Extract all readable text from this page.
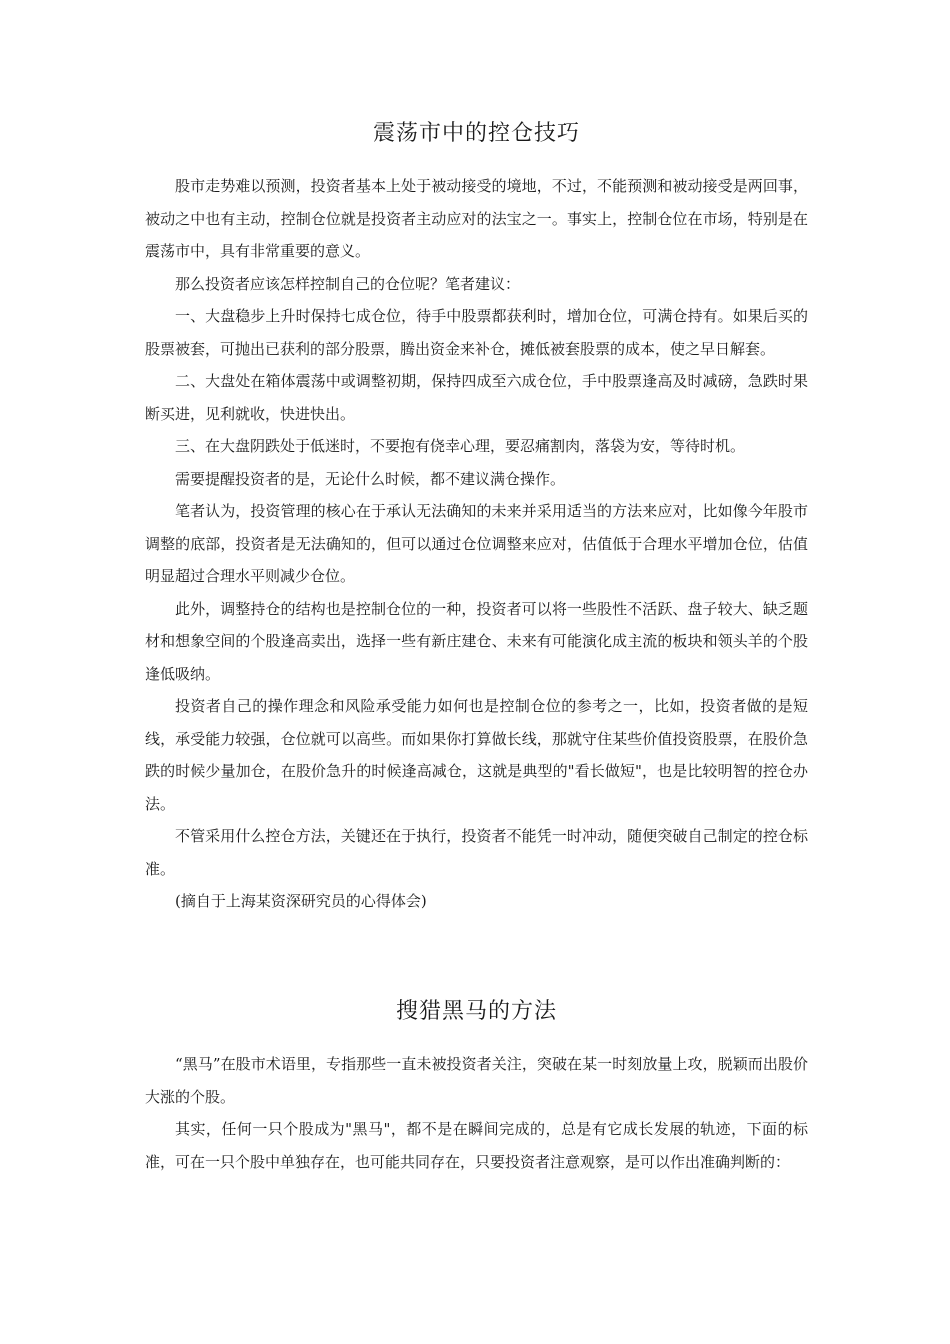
震荡市中的控仓技巧

股市走势难以预测，投资者基本上处于被动接受的境地，不过，不能预测和被动接受是两回事，被动之中也有主动，控制仓位就是投资者主动应对的法宝之一。事实上，控制仓位在市场，特别是在震荡市中，具有非常重要的意义。

那么投资者应该怎样控制自己的仓位呢？笔者建议：

一、大盘稳步上升时保持七成仓位，待手中股票都获利时，增加仓位，可满仓持有。如果后买的股票被套，可抛出已获利的部分股票，腾出资金来补仓，摊低被套股票的成本，使之早日解套。

二、大盘处在箱体震荡中或调整初期，保持四成至六成仓位，手中股票逢高及时减磅，急跌时果断买进，见利就收，快进快出。

三、在大盘阴跌处于低迷时，不要抱有侥幸心理，要忍痛割肉，落袋为安，等待时机。

需要提醒投资者的是，无论什么时候，都不建议满仓操作。

笔者认为，投资管理的核心在于承认无法确知的未来并采用适当的方法来应对，比如像今年股市调整的底部，投资者是无法确知的，但可以通过仓位调整来应对，估值低于合理水平增加仓位，估值明显超过合理水平则减少仓位。

此外，调整持仓的结构也是控制仓位的一种，投资者可以将一些股性不活跃、盘子较大、缺乏题材和想象空间的个股逢高卖出，选择一些有新庄建仓、未来有可能演化成主流的板块和领头羊的个股逢低吸纳。

投资者自己的操作理念和风险承受能力如何也是控制仓位的参考之一，比如，投资者做的是短线，承受能力较强，仓位就可以高些。而如果你打算做长线，那就守住某些价值投资股票，在股价急跌的时候少量加仓，在股价急升的时候逢高减仓，这就是典型的"看长做短"，也是比较明智的控仓办法。

不管采用什么控仓方法，关键还在于执行，投资者不能凭一时冲动，随便突破自己制定的控仓标准。

(摘自于上海某资深研究员的心得体会)

搜猎黑马的方法

“黑马”在股市术语里，专指那些一直未被投资者关注，突破在某一时刻放量上攻，脱颖而出股价大涨的个股。

其实，任何一只个股成为"黑马"，都不是在瞬间完成的，总是有它成长发展的轨迹，下面的标准，可在一只个股中单独存在，也可能共同存在，只要投资者注意观察，是可以作出准确判断的：
